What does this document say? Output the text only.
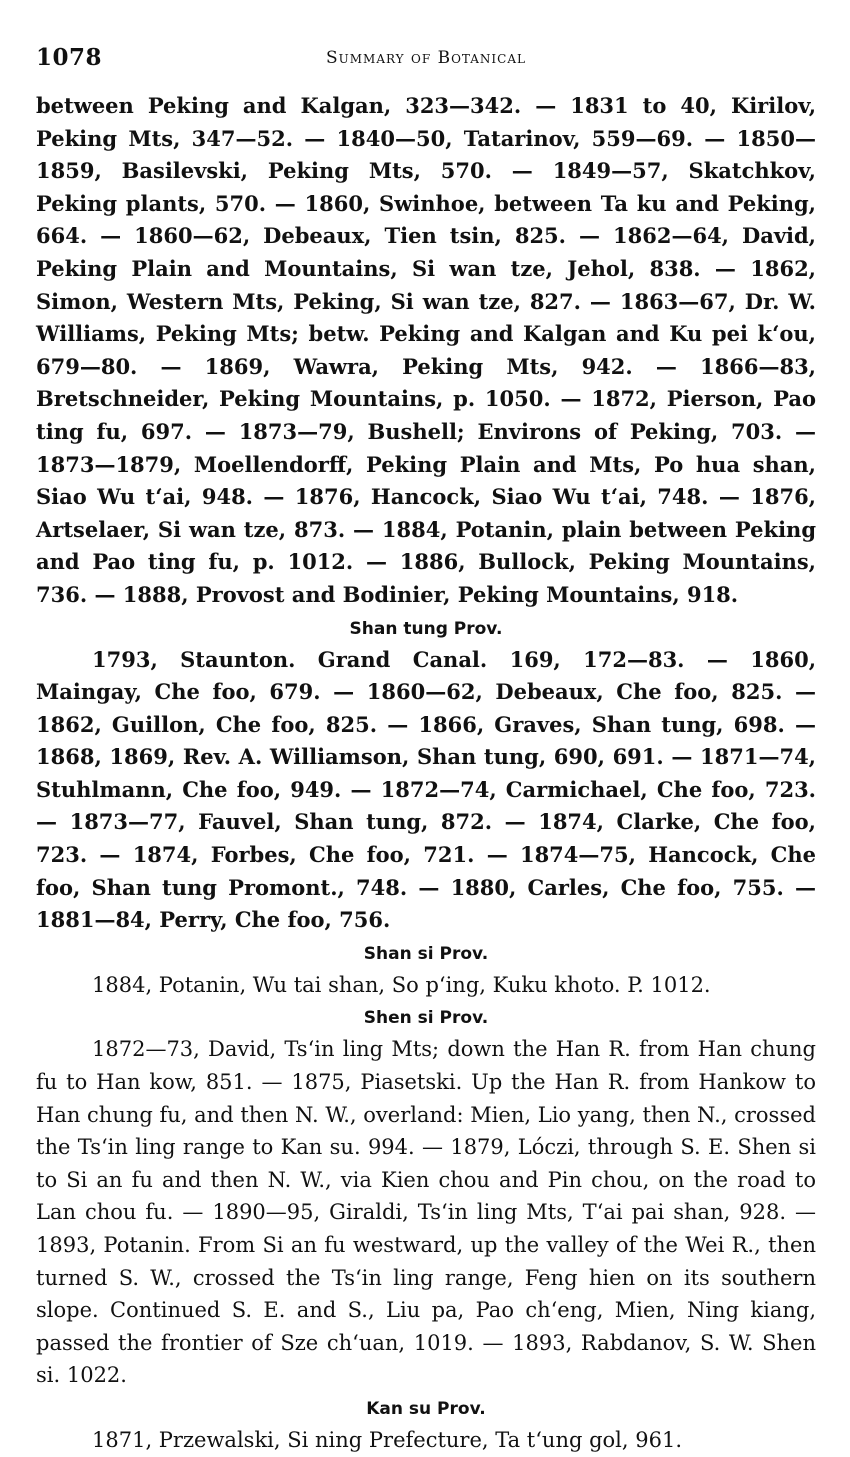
1078	Summary of Botanical

between Peking and Kalgan, 323—342. — 1831 to 40, Kirilov, Peking Mts, 347—52. — 1840—50, Tatarinov, 559—69. — 1850—1859, Basilevski, Peking Mts, 570. — 1849—57, Skatchkov, Peking plants, 570. — 1860, Swinhoe, between Ta ku and Peking, 664. — 1860—62, Debeaux, Tien tsin, 825. — 1862—64, David, Peking Plain and Mountains, Si wan tze, Jehol, 838. — 1862, Simon, Western Mts, Peking, Si wan tze, 827. — 1863—67, Dr. W. Williams, Peking Mts; betw. Peking and Kalgan and Ku pei kʻou, 679—80. — 1869, Wawra, Peking Mts, 942. — 1866—83, Bretschneider, Peking Mountains, p. 1050. — 1872, Pierson, Pao ting fu, 697. — 1873—79, Bushell; Environs of Peking, 703. — 1873—1879, Moellendorff, Peking Plain and Mts, Po hua shan, Siao Wu tʻai, 948. — 1876, Hancock, Siao Wu tʻai, 748. — 1876, Artselaer, Si wan tze, 873. — 1884, Potanin, plain between Peking and Pao ting fu, p. 1012. — 1886, Bullock, Peking Mountains, 736. — 1888, Provost and Bodinier, Peking Mountains, 918.

Shan tung Prov.

1793, Staunton. Grand Canal. 169, 172—83. — 1860, Maingay, Che foo, 679. — 1860—62, Debeaux, Che foo, 825. — 1862, Guillon, Che foo, 825. — 1866, Graves, Shan tung, 698. — 1868, 1869, Rev. A. Williamson, Shan tung, 690, 691. — 1871—74, Stuhlmann, Che foo, 949. — 1872—74, Carmichael, Che foo, 723. — 1873—77, Fauvel, Shan tung, 872. — 1874, Clarke, Che foo, 723. — 1874, Forbes, Che foo, 721. — 1874—75, Hancock, Che foo, Shan tung Promont., 748. — 1880, Carles, Che foo, 755. — 1881—84, Perry, Che foo, 756.

Shan si Prov.

1884, Potanin, Wu tai shan, So pʻing, Kuku khoto. P. 1012.

Shen si Prov.

1872—73, David, Tsʻin ling Mts; down the Han R. from Han chung fu to Han kow, 851. — 1875, Piasetski. Up the Han R. from Hankow to Han chung fu, and then N. W., overland: Mien, Lio yang, then N., crossed the Tsʻin ling range to Kan su. 994. — 1879, Lóczi, through S. E. Shen si to Si an fu and then N. W., via Kien chou and Pin chou, on the road to Lan chou fu. — 1890—95, Giraldi, Tsʻin ling Mts, Tʻai pai shan, 928. — 1893, Potanin. From Si an fu westward, up the valley of the Wei R., then turned S. W., crossed the Tsʻin ling range, Feng hien on its southern slope. Continued S. E. and S., Liu pa, Pao chʻeng, Mien, Ning kiang, passed the frontier of Sze chʻuan, 1019. — 1893, Rabdanov, S. W. Shen si. 1022.

Kan su Prov.

1871, Przewalski, Si ning Prefecture, Ta tʻung gol, 961.
